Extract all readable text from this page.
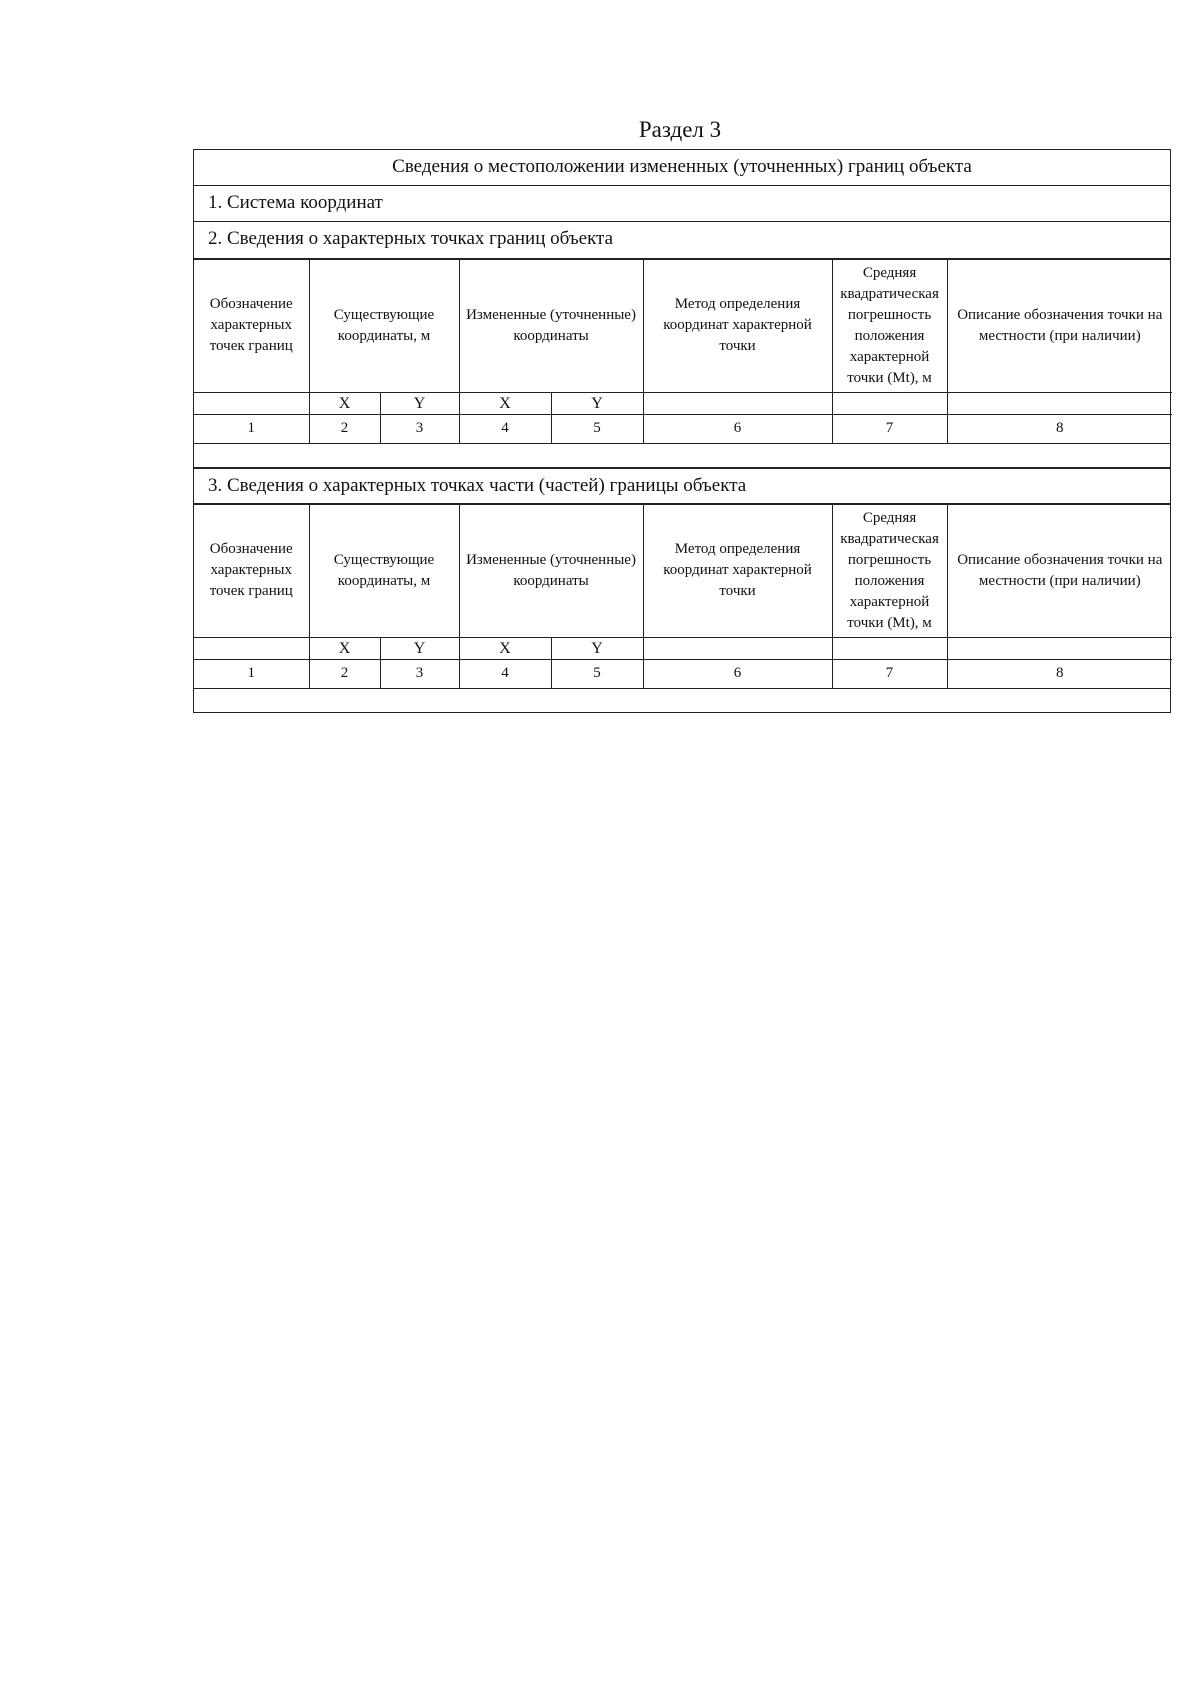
Раздел 3
Сведения о местоположении измененных (уточненных) границ объекта
1. Система координат
2. Сведения о характерных точках границ объекта
Обозначение характерных точек границ	Существующие координаты, м		Измененные (уточненные) координаты		Метод определения координат характерной точки	Средняя квадратическая погрешность положения характерной точки (Mt), м	Описание обозначения точки на местности (при наличии)
	X	Y	X	Y			
1	2	3	4	5	6	7	8
3. Сведения о характерных точках части (частей) границы объекта
Обозначение характерных точек границ	Существующие координаты, м		Измененные (уточненные) координаты		Метод определения координат характерной точки	Средняя квадратическая погрешность положения характерной точки (Mt), м	Описание обозначения точки на местности (при наличии)
	X	Y	X	Y			
1	2	3	4	5	6	7	8
